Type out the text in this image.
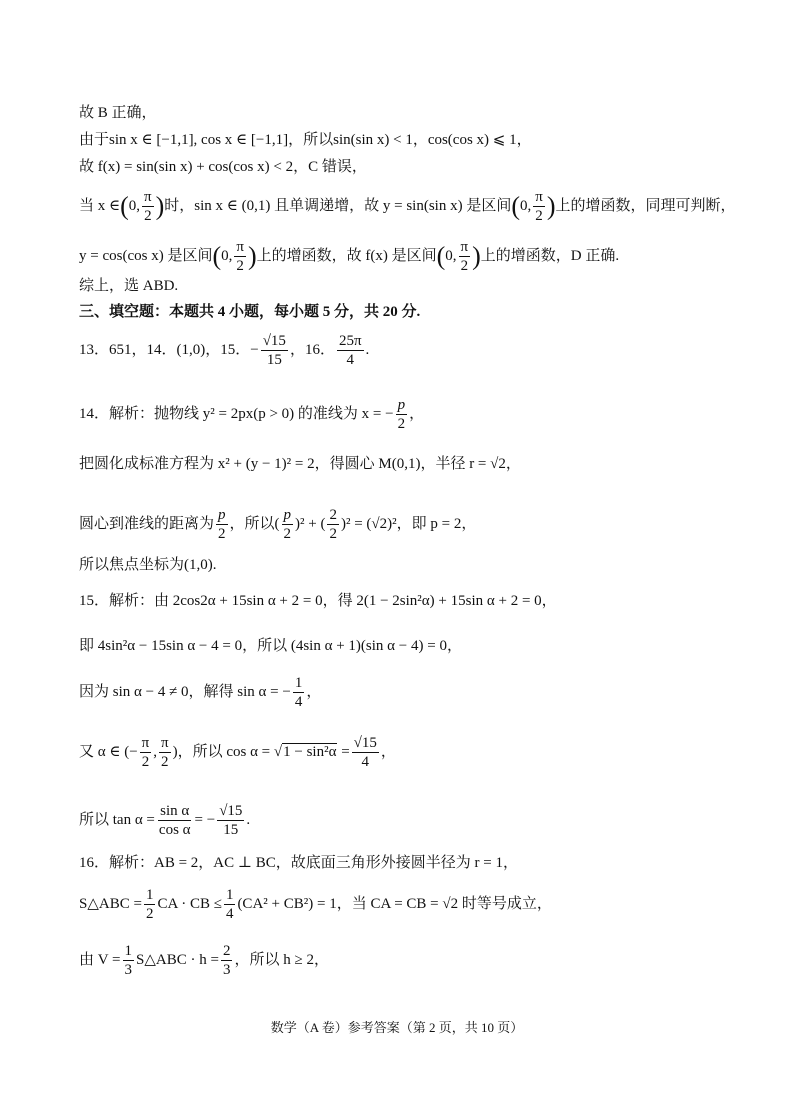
故 B 正确，
由于sin x ∈ [−1,1], cos x ∈ [−1,1]，所以sin(sin x) < 1，cos(cos x) ⩽ 1，
故 f(x) = sin(sin x) + cos(cos x) < 2，C 错误，
当 x ∈(0, $\frac{\pi}{2}$ )时，sin x ∈ (0,1) 且单调递增，故 y = sin(sin x) 是区间(0, $\frac{\pi}{2}$ )上的增函数，同理可判断，
y = cos(cos x) 是区间(0, $\frac{\pi}{2}$ )上的增函数，故 f(x) 是区间(0, $\frac{\pi}{2}$ )上的增函数，D 正确.
综上，选 ABD.
三、填空题：本题共 4 小题，每小题 5 分，共 20 分.
13．651，14．(1,0)，15．− $\frac{√15}{15}$ ，16． $\frac{25\pi}{4}$ .
14．解析：抛物线 y² = 2px(p > 0) 的准线为 x = − $\frac{p}{2}$ ，
把圆化成标准方程为 x² + (y − 1)² = 2，得圆心 M(0,1)，半径 r = √2，
圆心到准线的距离为 $\frac{p}{2}$ ，所以( $\frac{p}{2} )^2$ + ( $\frac{2}{2} )^2 = (√2)^2$，即 p = 2，
所以焦点坐标为(1,0).
15．解析：由 2cos2α + 15sin α + 2 = 0，得 2(1 − 2sin²α) + 15sin α + 2 = 0，
即 4sin²α − 15sin α − 4 = 0，所以 (4sin α + 1)(sin α − 4) = 0，
因为 sin α − 4 ≠ 0，解得 sin α = − $\frac{1}{4}$ ，
又 α ∈ (− $\frac{\pi}{2}$ , $\frac{\pi}{2}$ )，所以 $\cos \alpha = √1 - \sin^2\alpha = \frac{√15}{4}$ ，
所以 $\tan \alpha = \frac{\text{sin α}}{\text{cos α}}$ = − $\frac{√15}{15}$ .
16．解析：AB = 2，AC ⊥ BC，故底面三角形外接圆半径为 r = 1，
S△ABC = $\frac{1}{2}$ CA · CB ≤ $\frac{1}{4} (CA^2 + CB^2) = 1$，当 CA = CB = √2 时等号成立，
由 $V = \frac{1}{3}$ S△ABC · $h = \frac{2}{3}$ ，所以 h ≥ 2，
数学（A 卷）参考答案（第 2 页，共 10 页）
